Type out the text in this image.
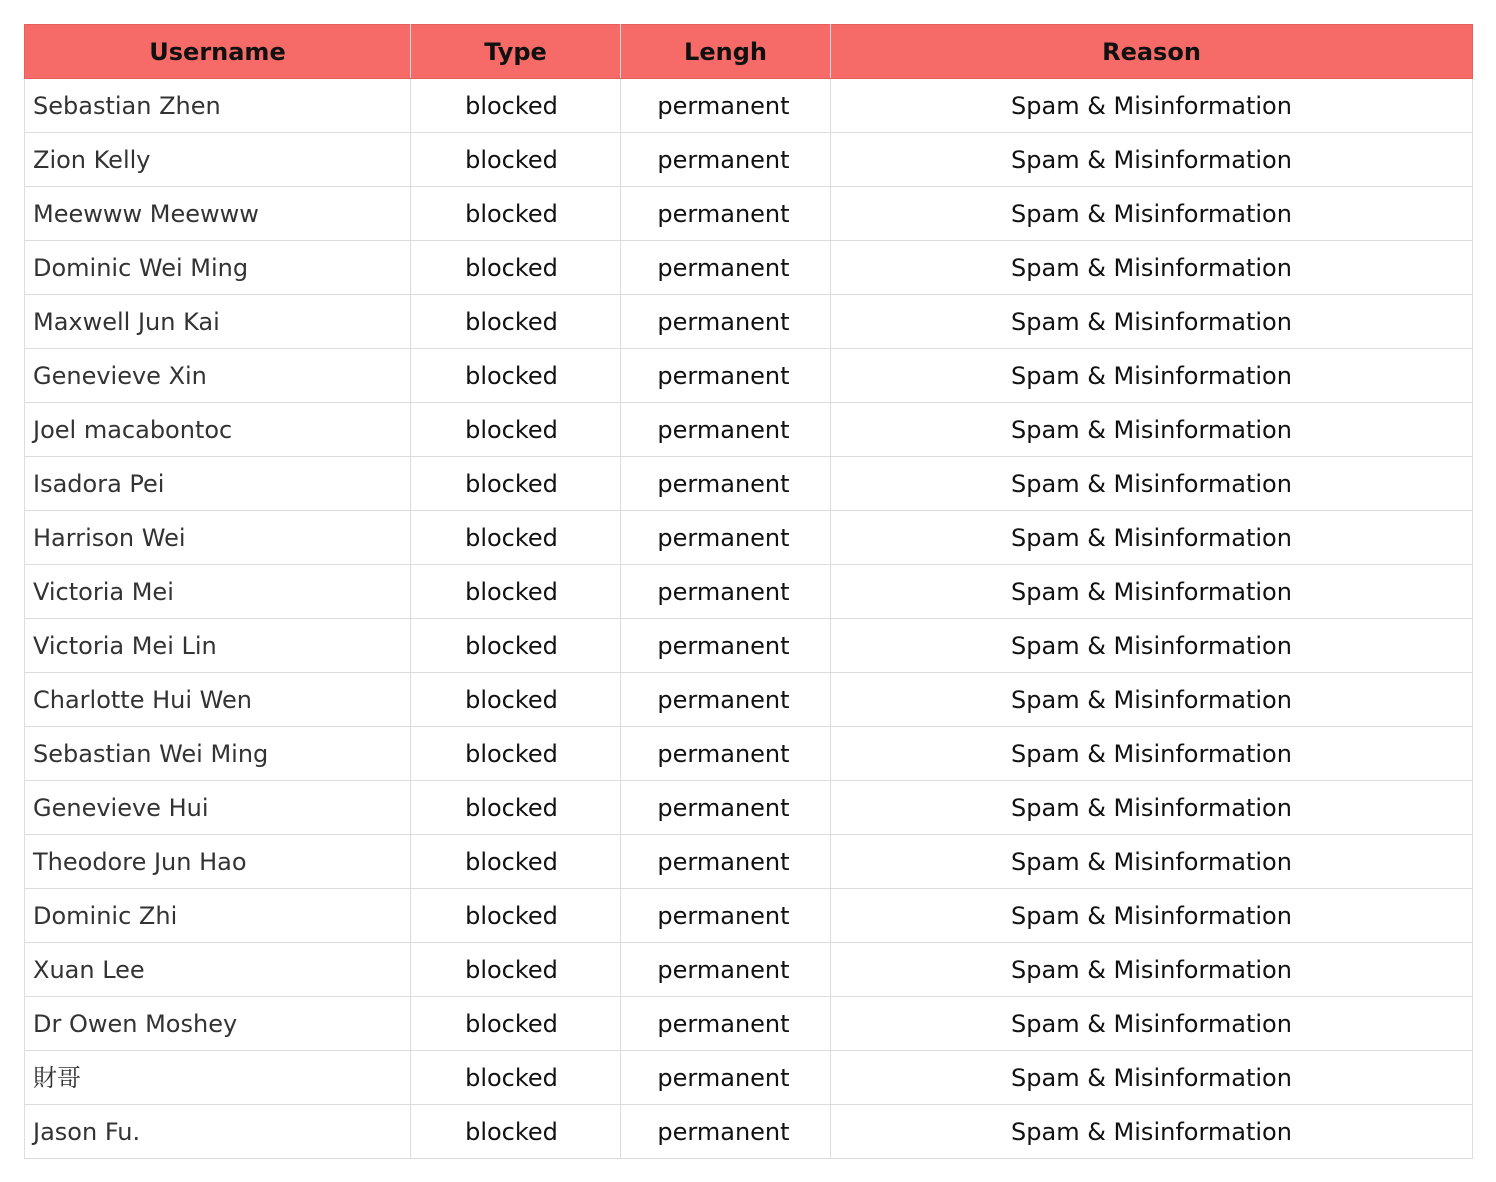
Username	Type	Lengh	Reason
Sebastian Zhen	blocked	permanent	Spam & Misinformation
Zion Kelly	blocked	permanent	Spam & Misinformation
Meewww Meewww	blocked	permanent	Spam & Misinformation
Dominic Wei Ming	blocked	permanent	Spam & Misinformation
Maxwell Jun Kai	blocked	permanent	Spam & Misinformation
Genevieve Xin	blocked	permanent	Spam & Misinformation
Joel macabontoc	blocked	permanent	Spam & Misinformation
Isadora Pei	blocked	permanent	Spam & Misinformation
Harrison Wei	blocked	permanent	Spam & Misinformation
Victoria Mei	blocked	permanent	Spam & Misinformation
Victoria Mei Lin	blocked	permanent	Spam & Misinformation
Charlotte Hui Wen	blocked	permanent	Spam & Misinformation
Sebastian Wei Ming	blocked	permanent	Spam & Misinformation
Genevieve Hui	blocked	permanent	Spam & Misinformation
Theodore Jun Hao	blocked	permanent	Spam & Misinformation
Dominic Zhi	blocked	permanent	Spam & Misinformation
Xuan Lee	blocked	permanent	Spam & Misinformation
Dr Owen Moshey	blocked	permanent	Spam & Misinformation
財哥	blocked	permanent	Spam & Misinformation
Jason Fu.	blocked	permanent	Spam & Misinformation
